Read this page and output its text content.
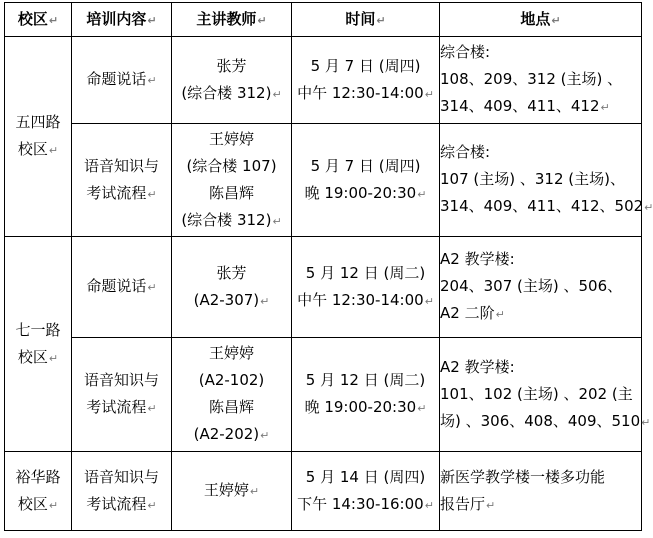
校区↵	培训内容↵	主讲教师↵	时间↵	地点↵

五四路
校区↵	命题说话↵	张芳
(综合楼 312)↵	5 月 7 日 (周四)
中午 12:30-14:00↵	综合楼:
108、209、312 (主场) 、
314、409、411、412↵

	语音知识与
考试流程↵	王婷婷
(综合楼 107)
陈昌辉
(综合楼 312)↵	5 月 7 日 (周四)
晚 19:00-20:30↵	综合楼:
107 (主场) 、312 (主场)、
314、409、411、412、502↵

七一路
校区↵	命题说话↵	张芳
(A2-307)↵	5 月 12 日 (周二)
中午 12:30-14:00↵	A2 教学楼:
204、307 (主场) 、506、
A2 二阶↵

	语音知识与
考试流程↵	王婷婷
(A2-102)
陈昌辉
(A2-202)↵	5 月 12 日 (周二)
晚 19:00-20:30↵	A2 教学楼:
101、102 (主场) 、202 (主
场) 、306、408、409、510↵

裕华路
校区↵	语音知识与
考试流程↵	王婷婷↵	5 月 14 日 (周四)
下午 14:30-16:00↵	新医学教学楼一楼多功能
报告厅↵
